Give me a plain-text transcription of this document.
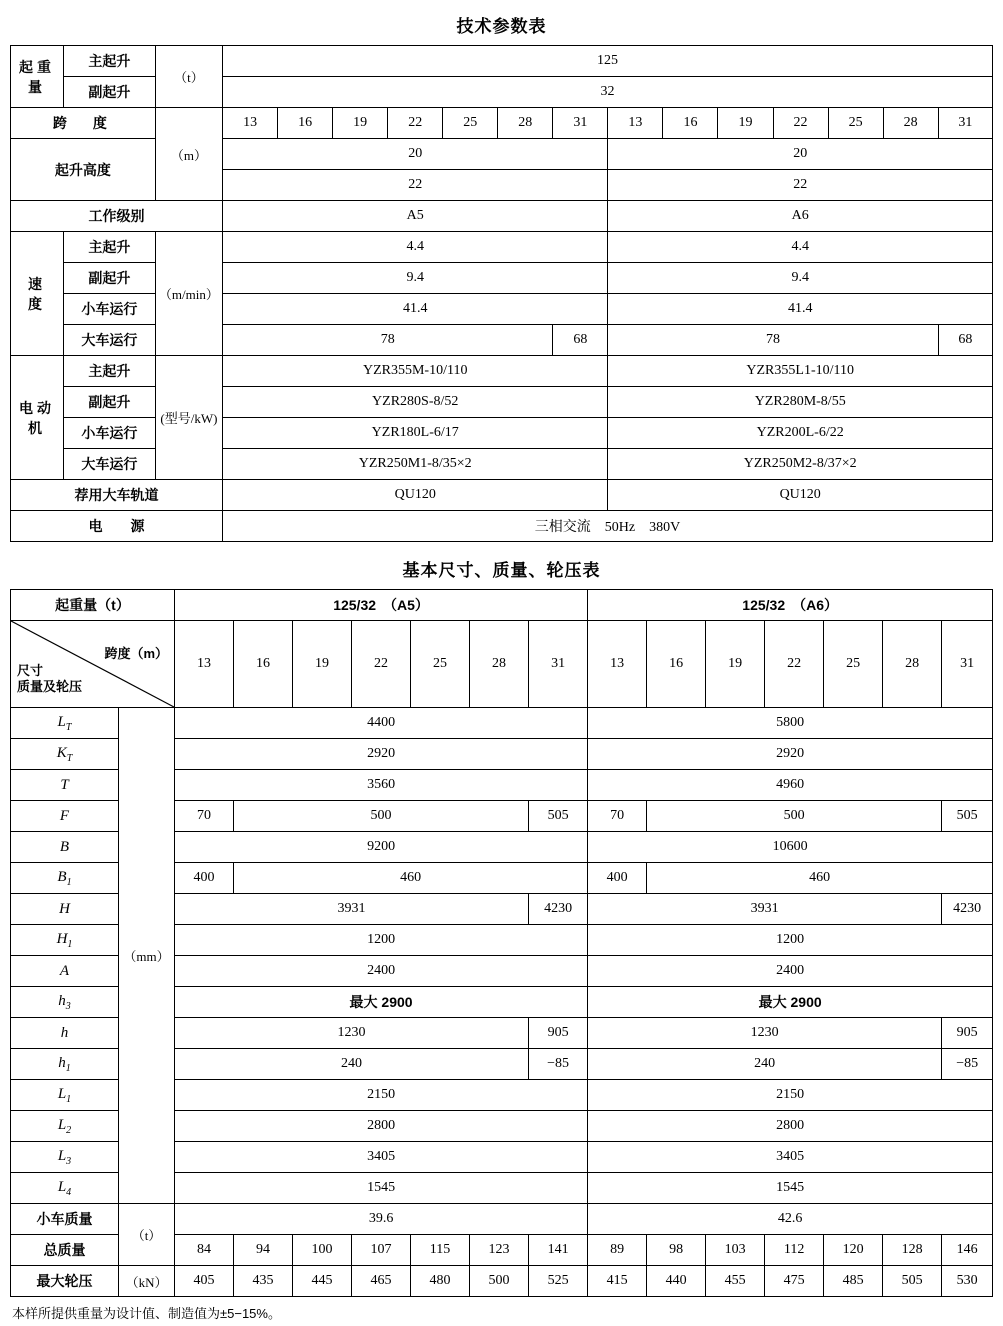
技术参数表
起重量	主起升	（t）	125													
	副起升		32													
跨　度		（m）	13	16	19	22	25	28	31	13	16	19	22	25	28	31
起升高度			20							20						
			22							22						
工作级别			A5							A6						
速　度	主起升	（m/min）	4.4							4.4						
	副起升		9.4							9.4						
	小车运行		41.4							41.4						
	大车运行		78						68	78						68
电动机	主起升	(型号/kW)	YZR355M-10/110							YZR355L1-10/110						
	副起升		YZR280S-8/52							YZR280M-8/55						
	小车运行		YZR180L-6/17							YZR200L-6/22						
	大车运行		YZR250M1-8/35×2							YZR250M2-8/37×2						
荐用大车轨道			QU120							QU120						
电　　源			三相交流　50Hz　380V													
基本尺寸、质量、轮压表
起重量（t）		125/32　（A5）							125/32　（A6）						

跨度（m）
尺寸
质量及轮压		13	16	19	22	25	28	31	13	16	19	22	25	28	31
$L_T$	（mm）	4400							5800						
$K_T$		2920							2920						
T		3560							4960						
F		70	500					505	70	500					505
B		9200							10600						
$B_1$		400	460						400	460					
H		3931						4230	3931						4230
$H_1$		1200							1200						
A		2400							2400						
$h_3$		最大 2900							最大 2900						
h		1230						905	1230						905
$h_1$		240						−85	240						−85
$L_1$		2150							2150						
$L_2$		2800							2800						
$L_3$		3405							3405						
$L_4$		1545							1545						
小车质量	（t）	39.6							42.6						
总质量		84	94	100	107	115	123	141	89	98	103	112	120	128	146
最大轮压	（kN）	405	435	445	465	480	500	525	415	440	455	475	485	505	530
本样所提供重量为设计值、制造值为±5−15%。
